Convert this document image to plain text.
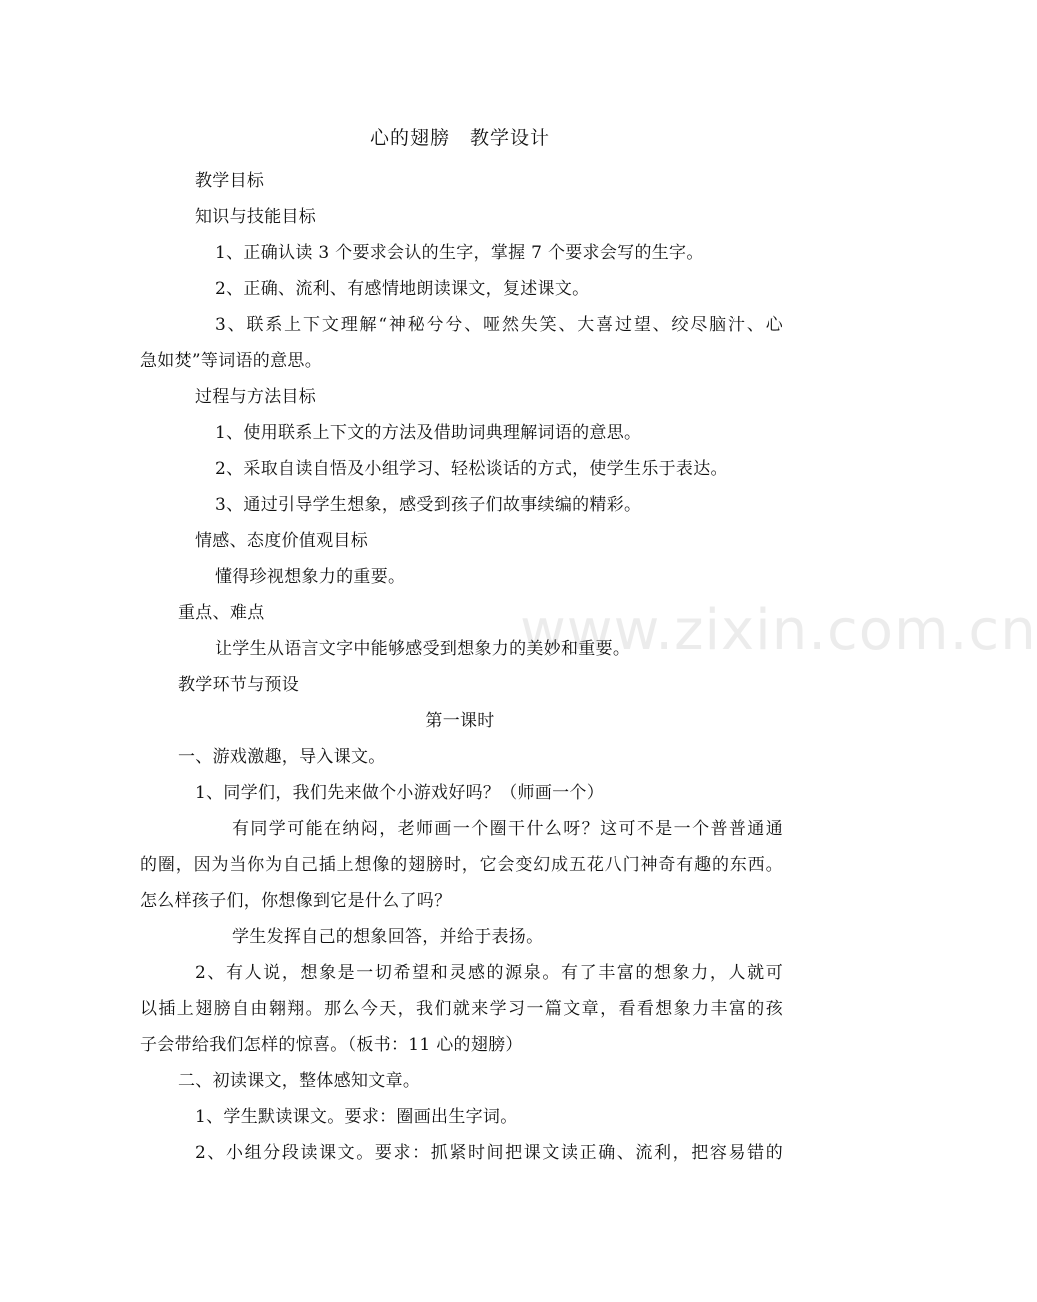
心的翅膀　教学设计
教学目标
知识与技能目标
1、正确认读 3 个要求会认的生字，掌握 7 个要求会写的生字。
2、正确、流利、有感情地朗读课文，复述课文。
3、联系上下文理解“神秘兮兮、哑然失笑、大喜过望、绞尽脑汁、心
急如焚”等词语的意思。
过程与方法目标
1、使用联系上下文的方法及借助词典理解词语的意思。
2、采取自读自悟及小组学习、轻松谈话的方式，使学生乐于表达。
3、通过引导学生想象，感受到孩子们故事续编的精彩。
情感、态度价值观目标
懂得珍视想象力的重要。
重点、难点
让学生从语言文字中能够感受到想象力的美妙和重要。
教学环节与预设
第一课时
一、游戏激趣，导入课文。
1、同学们，我们先来做个小游戏好吗？（师画一个）
有同学可能在纳闷，老师画一个圈干什么呀？这可不是一个普普通通
的圈，因为当你为自己插上想像的翅膀时，它会变幻成五花八门神奇有趣的东西。
怎么样孩子们，你想像到它是什么了吗？
学生发挥自己的想象回答，并给于表扬。
2、有人说，想象是一切希望和灵感的源泉。有了丰富的想象力，人就可
以插上翅膀自由翱翔。那么今天，我们就来学习一篇文章，看看想象力丰富的孩
子会带给我们怎样的惊喜。（板书：11 心的翅膀）
二、初读课文，整体感知文章。
1、学生默读课文。要求：圈画出生字词。
2、小组分段读课文。要求：抓紧时间把课文读正确、流利，把容易错的
www.zixin.com.cn
